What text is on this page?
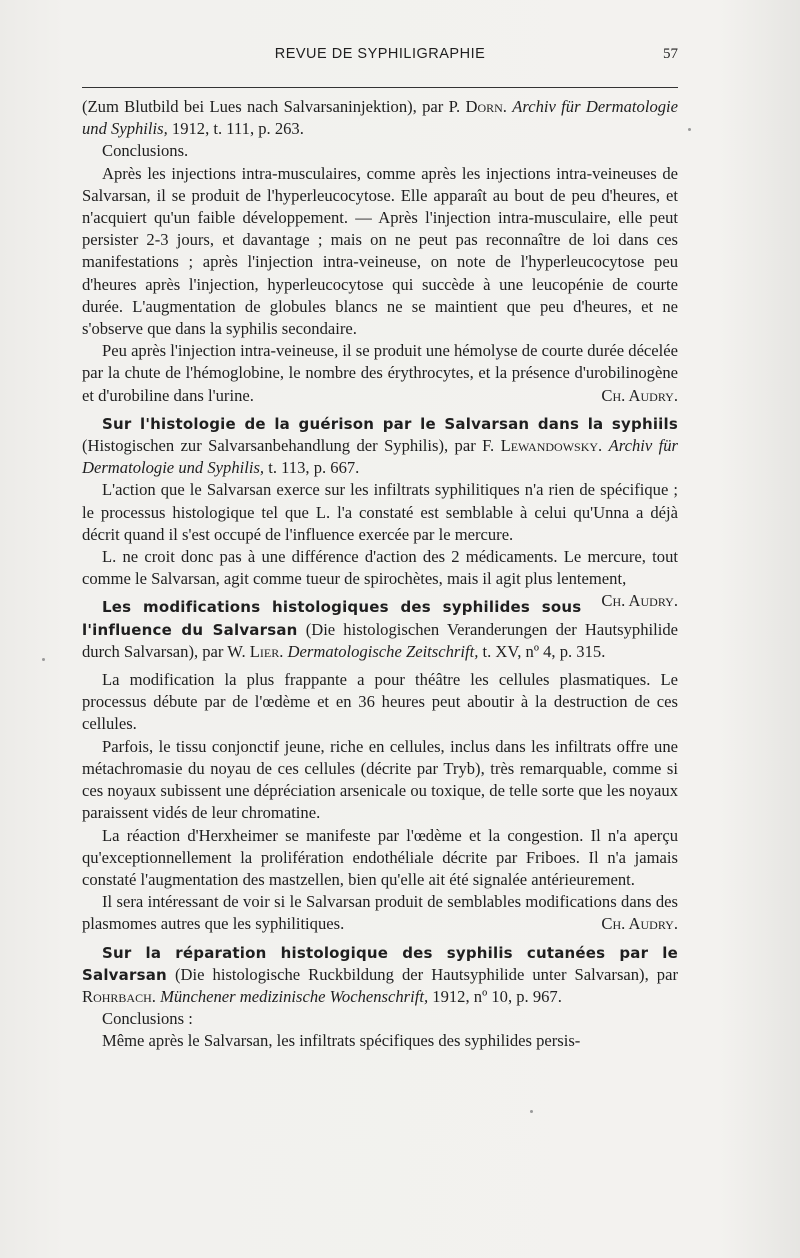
REVUE DE SYPHILIGRAPHIE	57

(Zum Blutbild bei Lues nach Salvarsaninjektion), par P. Dorn. Archiv für Dermatologie und Syphilis, 1912, t. 111, p. 263.

Conclusions.

Après les injections intra-musculaires, comme après les injections intra-veineuses de Salvarsan, il se produit de l'hyperleucocytose. Elle apparaît au bout de peu d'heures, et n'acquiert qu'un faible développement. — Après l'injection intra-musculaire, elle peut persister 2-3 jours, et davantage ; mais on ne peut pas reconnaître de loi dans ces manifestations ; après l'injection intra-veineuse, on note de l'hyperleucocytose peu d'heures après l'injection, hyperleucocytose qui succède à une leucopénie de courte durée. L'augmentation de globules blancs ne se maintient que peu d'heures, et ne s'observe que dans la syphilis secondaire.

Peu après l'injection intra-veineuse, il se produit une hémolyse de courte durée décelée par la chute de l'hémoglobine, le nombre des érythrocytes, et la présence d'urobilinogène et d'urobiline dans l'urine.	Ch. Audry.

Sur l'histologie de la guérison par le Salvarsan dans la syphiils (Histogischen zur Salvarsanbehandlung der Syphilis), par F. Lewandowsky. Archiv für Dermatologie und Syphilis, t. 113, p. 667.

L'action que le Salvarsan exerce sur les infiltrats syphilitiques n'a rien de spécifique ; le processus histologique tel que L. l'a constaté est semblable à celui qu'Unna a déjà décrit quand il s'est occupé de l'influence exercée par le mercure.

L. ne croit donc pas à une différence d'action des 2 médicaments. Le mercure, tout comme le Salvarsan, agit comme tueur de spirochètes, mais il agit plus lentement,
Ch. Audry.

Les modifications histologiques des syphilides sous l'influence du Salvarsan (Die histologischen Veranderungen der Hautsyphilide durch Salvarsan), par W. Lier. Dermatologische Zeitschrift, t. XV, nº 4, p. 315.

La modification la plus frappante a pour théâtre les cellules plasmatiques. Le processus débute par de l'œdème et en 36 heures peut aboutir à la destruction de ces cellules.

Parfois, le tissu conjonctif jeune, riche en cellules, inclus dans les infiltrats offre une métachromasie du noyau de ces cellules (décrite par Tryb), très remarquable, comme si ces noyaux subissent une dépréciation arsenicale ou toxique, de telle sorte que les noyaux paraissent vidés de leur chromatine.

La réaction d'Herxheimer se manifeste par l'œdème et la congestion. Il n'a aperçu qu'exceptionnellement la prolifération endothéliale décrite par Friboes. Il n'a jamais constaté l'augmentation des mastzellen, bien qu'elle ait été signalée antérieurement.

Il sera intéressant de voir si le Salvarsan produit de semblables modifications dans des plasmomes autres que les syphilitiques.	Ch. Audry.

Sur la réparation histologique des syphilis cutanées par le Salvarsan (Die histologische Ruckbildung der Hautsyphilide unter Salvarsan), par Rohrbach. Münchener medizinische Wochenschrift, 1912, nº 10, p. 967.

Conclusions :

Même après le Salvarsan, les infiltrats spécifiques des syphilides persis-
